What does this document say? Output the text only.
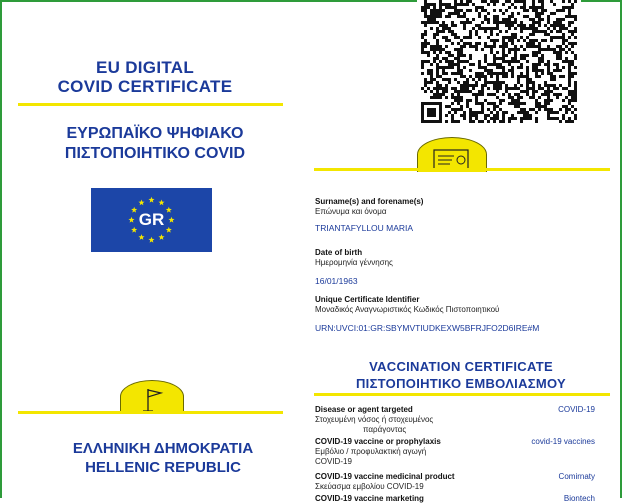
EU DIGITAL
COVID CERTIFICATE
ΕΥΡΩΠΑΪΚΟ ΨΗΦΙΑΚΟ
ΠΙΣΤΟΠΟΙΗΤΙΚΟ COVID
GR
ΕΛΛΗΝΙΚΗ ΔΗΜΟΚΡΑΤΙΑ
HELLENIC REPUBLIC
Surname(s) and forename(s)
Επώνυμα και όνομα
TRIANTAFYLLOU MARIA
Date of birth
Ημερομηνία γέννησης
16/01/1963
Unique Certificate Identifier
Μοναδικός Αναγνωριστικός Κωδικός Πιστοποιητικού
URN:UVCI:01:GR:SBYMVTIUDKEXW5BFRJFO2D6IRE#M
VACCINATION CERTIFICATE
ΠΙΣΤΟΠΟΙΗΤΙΚΟ ΕΜΒΟΛΙΑΣΜΟΥ
Disease or agent targeted
Στοχευμένη νόσος ή στοχευμένος
παράγοντας
COVID-19
COVID-19 vaccine or prophylaxis
Εμβόλιο / προφυλακτική αγωγή
COVID-19
covid-19 vaccines
COVID-19 vaccine medicinal product
Σκεύασμα εμβολίου COVID-19
Comirnaty
COVID-19 vaccine marketing	Biontech
